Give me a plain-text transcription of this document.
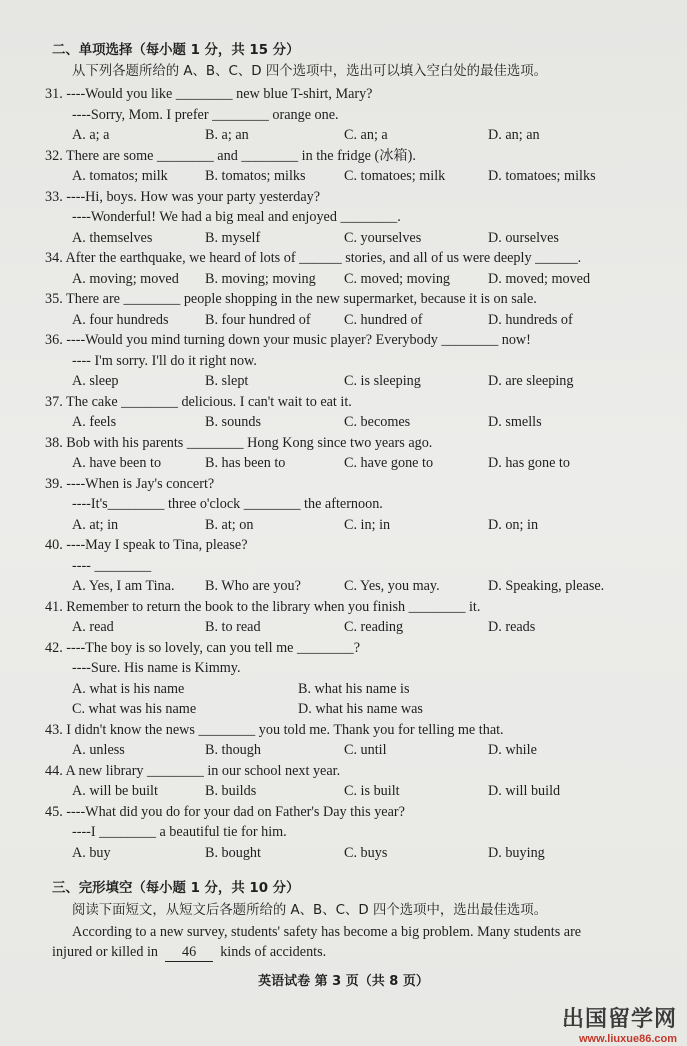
二、单项选择（每小题 1 分，共 15 分）
从下列各题所给的 A、B、C、D 四个选项中，选出可以填入空白处的最佳选项。
31. ----Would you like ________ new blue T-shirt, Mary?
----Sorry, Mom. I prefer ________ orange one.
A. a; a	B. a; an	C. an; a	D. an; an
32. There are some ________ and ________ in the fridge (冰箱).
A. tomatos; milk	B. tomatos; milks	C. tomatoes; milk	D. tomatoes; milks
33. ----Hi, boys. How was your party yesterday?
----Wonderful! We had a big meal and enjoyed ________.
A. themselves	B. myself	C. yourselves	D. ourselves
34. After the earthquake, we heard of lots of ______ stories, and all of us were deeply ______.
A. moving; moved B. moving; moving C. moved; moving	D. moved; moved
35. There are ________ people shopping in the new supermarket, because it is on sale.
A. four hundreds	B. four hundred of C. hundred of	D. hundreds of
36. ----Would you mind turning down your music player? Everybody ________ now!
---- I'm sorry. I'll do it right now.
A. sleep	B. slept	C. is sleeping	D. are sleeping
37. The cake ________ delicious. I can't wait to eat it.
A. feels	B. sounds	C. becomes	D. smells
38. Bob with his parents ________ Hong Kong since two years ago.
A. have been to	B. has been to	C. have gone to	D. has gone to
39. ----When is Jay's concert?
----It's________ three o'clock ________ the afternoon.
A. at; in	B. at; on	C. in; in	D. on; in
40. ----May I speak to Tina, please?
---- ________
A. Yes, I am Tina. B. Who are you?	C. Yes, you may.	D. Speaking, please.
41. Remember to return the book to the library when you finish ________ it.
A. read	B. to read	C. reading	D. reads
42. ----The boy is so lovely, can you tell me ________?
----Sure. His name is Kimmy.
A. what is his name	B. what his name is
C. what was his name	D. what his name was
43. I didn't know the news ________ you told me. Thank you for telling me that.
A. unless	B. though	C. until	D. while
44. A new library ________ in our school next year.
A. will be built	B. builds	C. is built	D. will build
45. ----What did you do for your dad on Father's Day this year?
----I ________ a beautiful tie for him.
A. buy	B. bought	C. buys	D. buying
三、完形填空（每小题 1 分，共 10 分）
阅读下面短文，从短文后各题所给的 A、B、C、D 四个选项中，选出最佳选项。
According to a new survey, students' safety has become a big problem. Many students are
injured or killed in 46 kinds of accidents.
英语试卷 第 3 页（共 8 页）
出国留学网
www.liuxue86.com
